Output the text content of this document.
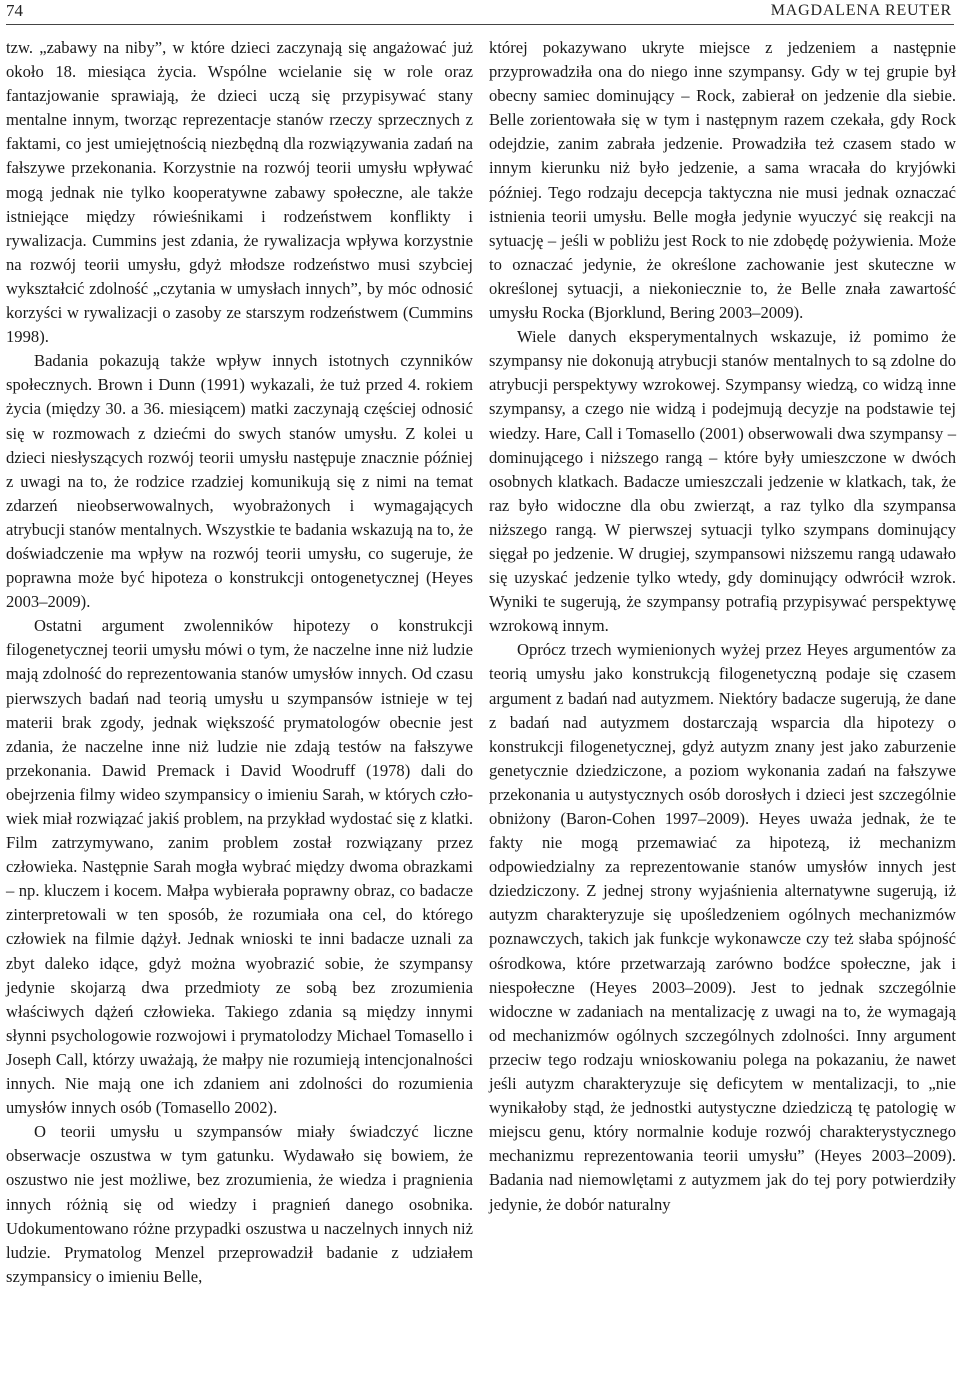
74	MAGDALENA REUTER

tzw. „zabawy na niby”, w które dzieci zaczynają się angażować już około 18. miesiąca życia. Wspólne wcielanie się w role oraz fantazjowanie sprawiają, że dzieci uczą się przypisywać stany mentalne innym, tworząc reprezentacje stanów rzeczy sprzecznych z faktami, co jest umiejętnością niezbędną dla rozwiązywania zadań na fałszywe przekonania. Korzystnie na rozwój teorii umysłu wpływać mogą jednak nie tylko kooperatywne zabawy społeczne, ale także istniejące między rówieśnikami i rodzeństwem konflikty i rywalizacja. Cummins jest zdania, że rywalizacja wpływa korzystnie na rozwój teorii umysłu, gdyż młodsze rodzeństwo musi szybciej wykształcić zdolność „czytania w umysłach innych”, by móc odnosić korzyści w rywalizacji o zasoby ze starszym rodzeństwem (Cummins 1998).

Badania pokazują także wpływ innych istotnych czynników społecznych. Brown i Dunn (1991) wykazali, że tuż przed 4. rokiem życia (między 30. a 36. miesiącem) matki zaczynają częściej odnosić się w rozmowach z dziećmi do swych stanów umysłu. Z kolei u dzieci niesłyszących rozwój teorii umysłu następuje znacznie później z uwagi na to, że rodzice rzadziej komunikują się z nimi na temat zdarzeń nieobserwowalnych, wyobrażonych i wymagających atrybucji stanów mentalnych. Wszystkie te badania wskazują na to, że doświadczenie ma wpływ na rozwój teorii umysłu, co sugeruje, że poprawna może być hipoteza o konstrukcji ontogenetycznej (Heyes 2003–2009).

Ostatni argument zwolenników hipotezy o konstrukcji filogenetycznej teorii umysłu mówi o tym, że naczelne inne niż ludzie mają zdolność do reprezentowania stanów umysłów innych. Od czasu pierwszych badań nad teorią umysłu u szympansów istnieje w tej materii brak zgody, jednak większość prymatologów obecnie jest zdania, że naczelne inne niż ludzie nie zdają testów na fałszywe przekonania. Dawid Premack i David Woodruff (1978) dali do obejrzenia filmy wideo szympansicy o imieniu Sarah, w których człowiek miał rozwiązać jakiś problem, na przykład wydostać się z klatki. Film zatrzymywano, zanim problem został rozwiązany przez człowieka. Następnie Sarah mogła wybrać między dwoma obrazkami – np. kluczem i kocem. Małpa wybierała poprawny obraz, co badacze zinterpretowali w ten sposób, że rozumiała ona cel, do którego człowiek na filmie dążył. Jednak wnioski te inni badacze uznali za zbyt daleko idące, gdyż można wyobrazić sobie, że szympansy jedynie skojarzą dwa przedmioty ze sobą bez zrozumienia właściwych dążeń człowieka. Takiego zdania są między innymi słynni psychologowie rozwojowi i prymatolodzy Michael Tomasello i Joseph Call, którzy uważają, że małpy nie rozumieją intencjonalności innych. Nie mają one ich zdaniem ani zdolności do rozumienia umysłów innych osób (Tomasello 2002).

O teorii umysłu u szympansów miały świadczyć liczne obserwacje oszustwa w tym gatunku. Wydawało się bowiem, że oszustwo nie jest możliwe, bez zrozumienia, że wiedza i pragnienia innych różnią się od wiedzy i pragnień danego osobnika. Udokumentowano różne przypadki oszustwa u naczelnych innych niż ludzie. Prymatolog Menzel przeprowadził badanie z udziałem szympansicy o imieniu Belle,

której pokazywano ukryte miejsce z jedzeniem a następnie przyprowadziła ona do niego inne szympansy. Gdy w tej grupie był obecny samiec dominujący – Rock, zabierał on jedzenie dla siebie. Belle zorientowała się w tym i następnym razem czekała, gdy Rock odejdzie, zanim zabrała jedzenie. Prowadziła też czasem stado w innym kierunku niż było jedzenie, a sama wracała do kryjówki później. Tego rodzaju decepcja taktyczna nie musi jednak oznaczać istnienia teorii umysłu. Belle mogła jedynie wyuczyć się reakcji na sytuację – jeśli w pobliżu jest Rock to nie zdobędę pożywienia. Może to oznaczać jedynie, że określone zachowanie jest skuteczne w określonej sytuacji, a niekoniecznie to, że Belle znała zawartość umysłu Rocka (Bjorklund, Bering 2003–2009).

Wiele danych eksperymentalnych wskazuje, iż pomimo że szympansy nie dokonują atrybucji stanów mentalnych to są zdolne do atrybucji perspektywy wzrokowej. Szympansy wiedzą, co widzą inne szympansy, a czego nie widzą i podejmują decyzje na podstawie tej wiedzy. Hare, Call i Tomasello (2001) obserwowali dwa szympansy – dominującego i niższego rangą – które były umieszczone w dwóch osobnych klatkach. Badacze umieszczali jedzenie w klatkach, tak, że raz było widoczne dla obu zwierząt, a raz tylko dla szympansa niższego rangą. W pierwszej sytuacji tylko szympans dominujący sięgał po jedzenie. W drugiej, szympansowi niższemu rangą udawało się uzyskać jedzenie tylko wtedy, gdy dominujący odwrócił wzrok. Wyniki te sugerują, że szympansy potrafią przypisywać perspektywę wzrokową innym.

Oprócz trzech wymienionych wyżej przez Heyes argumentów za teorią umysłu jako konstrukcją filogenetyczną podaje się czasem argument z badań nad autyzmem. Niektóry badacze sugerują, że dane z badań nad autyzmem dostarczają wsparcia dla hipotezy o konstrukcji filogenetycznej, gdyż autyzm znany jest jako zaburzenie genetycznie dziedziczone, a poziom wykonania zadań na fałszywe przekonania u autystycznych osób dorosłych i dzieci jest szczególnie obniżony (Baron-Cohen 1997–2009). Heyes uważa jednak, że te fakty nie mogą przemawiać za hipotezą, iż mechanizm odpowiedzialny za reprezentowanie stanów umysłów innych jest dziedziczony. Z jednej strony wyjaśnienia alternatywne sugerują, iż autyzm charakteryzuje się upośledzeniem ogólnych mechanizmów poznawczych, takich jak funkcje wykonawcze czy też słaba spójność ośrodkowa, które przetwarzają zarówno bodźce społeczne, jak i niespołeczne (Heyes 2003–2009). Jest to jednak szczególnie widoczne w zadaniach na mentalizację z uwagi na to, że wymagają od mechanizmów ogólnych szczególnych zdolności. Inny argument przeciw tego rodzaju wnioskowaniu polega na pokazaniu, że nawet jeśli autyzm charakteryzuje się deficytem w mentalizacji, to „nie wynikałoby stąd, że jednostki autystyczne dziedziczą tę patologię w miejscu genu, który normalnie koduje rozwój charakterystycznego mechanizmu reprezentowania teorii umysłu” (Heyes 2003–2009). Badania nad niemowlętami z autyzmem jak do tej pory potwierdziły jedynie, że dobór naturalny
